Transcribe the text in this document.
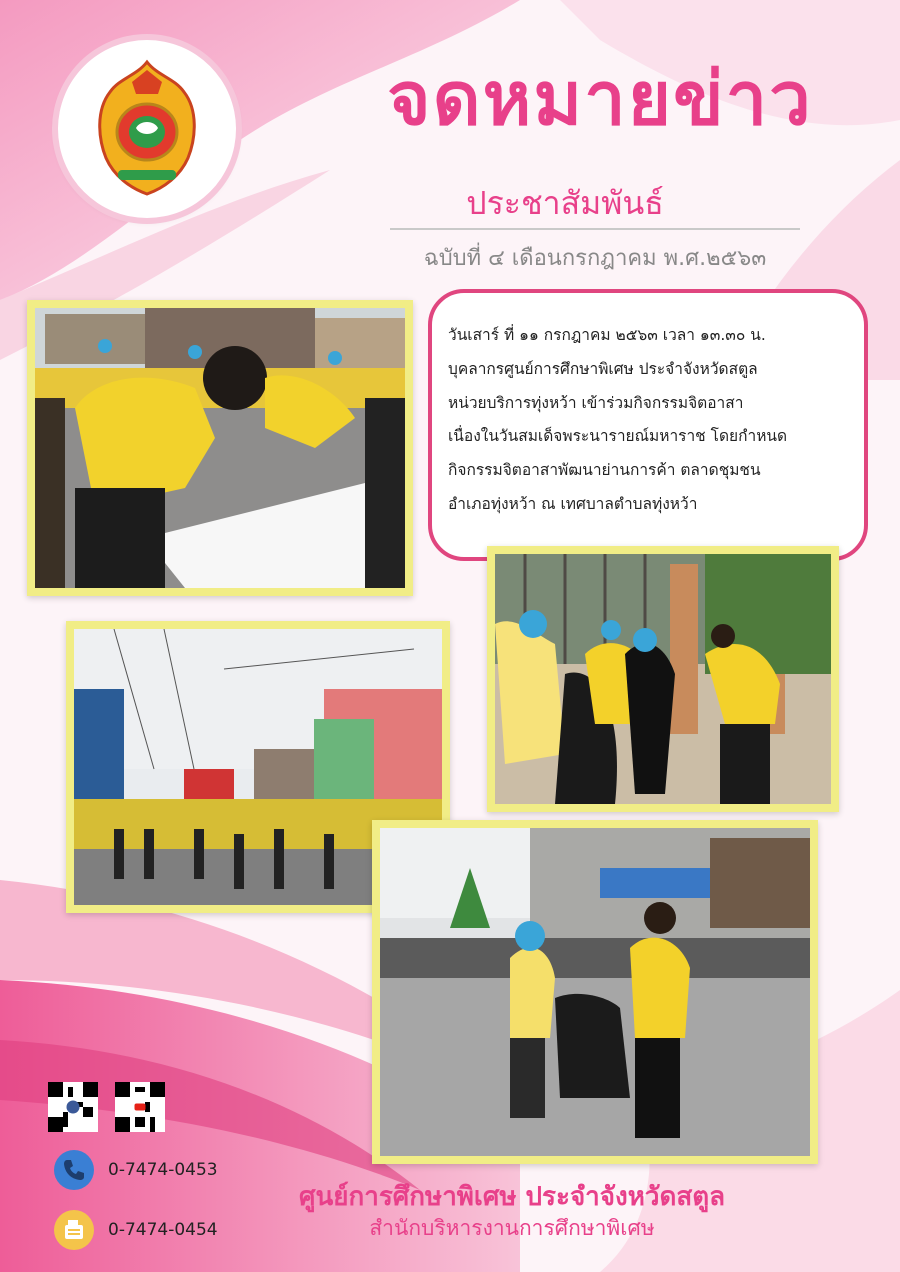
จดหมายข่าว
ประชาสัมพันธ์
ฉบับที่ ๔ เดือนกรกฎาคม พ.ศ.๒๕๖๓

วันเสาร์ ที่ ๑๑ กรกฎาคม ๒๕๖๓ เวลา ๑๓.๓๐ น.

บุคลากรศูนย์การศึกษาพิเศษ ประจำจังหวัดสตูล

หน่วยบริการทุ่งหว้า เข้าร่วมกิจกรรมจิตอาสา

เนื่องในวันสมเด็จพระนารายณ์มหาราช โดยกำหนด

กิจกรรมจิตอาสาพัฒนาย่านการค้า ตลาดชุมชน

อำเภอทุ่งหว้า ณ เทศบาลตำบลทุ่งหว้า

0-7474-0453
0-7474-0454
ศูนย์การศึกษาพิเศษ ประจำจังหวัดสตูล
สำนักบริหารงานการศึกษาพิเศษ
